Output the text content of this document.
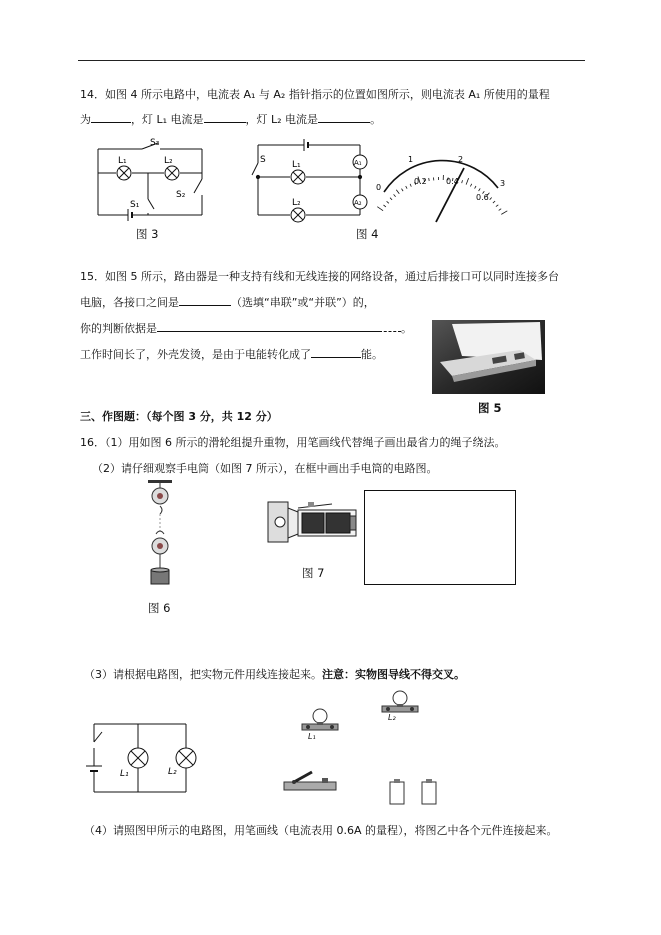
14．如图 4 所示电路中，电流表 A₁ 与 A₂ 指针指示的位置如图所示，则电流表 A₁ 所使用的量程
为	，灯 L₁ 电流是	，灯 L₂ 电流是	。
S₃
L₁	L₂
S₂
S₁
图 3
S	L₁
L₂
A₁
A₂
0
0.2 0.4
0.6
1	2
3
图 4
15．如图 5 所示，路由器是一种支持有线和无线连接的网络设备，通过后排接口可以同时连接多台
电脑，各接口之间是	（选填“串联”或“并联”）的，
你的判断依据是	。
工作时间长了，外壳发烫，是由于电能转化成了	能。
图 5
三、作图题：（每个图 3 分，共 12 分）
16．（1）用如图 6 所示的滑轮组提升重物，用笔画线代替绳子画出最省力的绳子绕法。
（2）请仔细观察手电筒（如图 7 所示），在框中画出手电筒的电路图。
图 6
图 7
（3）请根据电路图，把实物元件用线连接起来。注意：实物图导线不得交叉。
L₁	L₂
L₁
L₂
（4）请照图甲所示的电路图，用笔画线（电流表用 0.6A 的量程），将图乙中各个元件连接起来。
